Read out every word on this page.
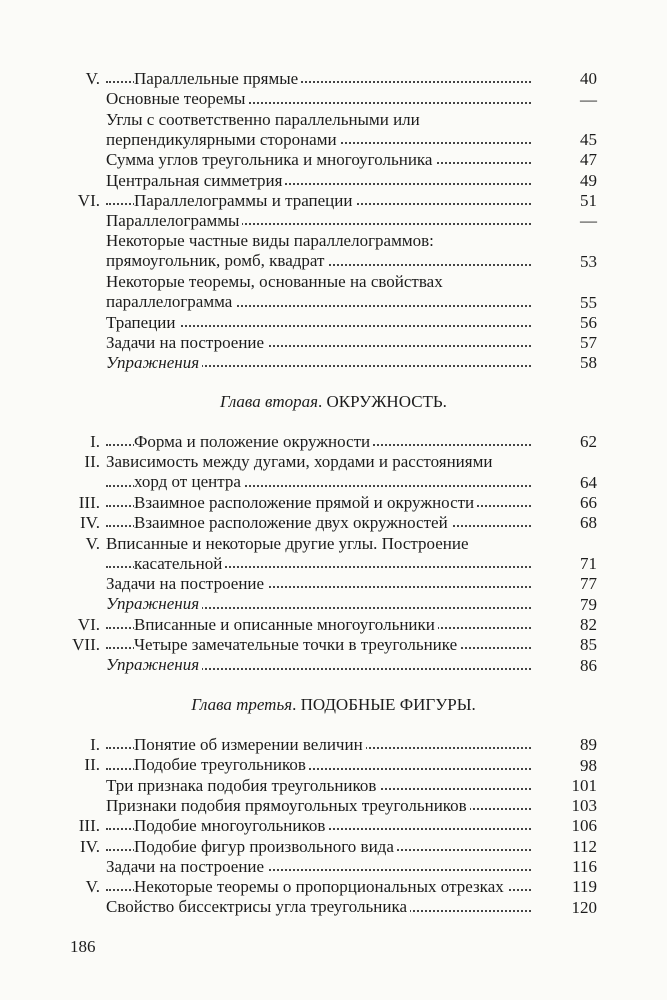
V.	Параллельные прямые	40
Основные теоремы	—
Углы с соответственно параллельными или
перпендикулярными сторонами	45
Сумма углов треугольника и многоугольника	47
Центральная симметрия	49
VI.	Параллелограммы и трапеции	51
Параллелограммы	—
Некоторые частные виды параллелограммов:
прямоугольник, ромб, квадрат	53
Некоторые теоремы, основанные на свойствах
параллелограмма	55
Трапеции	56
Задачи на построение	57
Упражнения	58
I.	Форма и положение окружности	62
II. Зависимость между дугами, хордами и расстояниями
хорд от центра	64
III.	Взаимное расположение прямой и окружности	66
IV.	Взаимное расположение двух окружностей	68
V. Вписанные и некоторые другие углы. Построение
касательной	71
Задачи на построение	77
Упражнения	79
VI.	Вписанные и описанные многоугольники	82
VII.	Четыре замечательные точки в треугольнике	85
Упражнения	86
I.	Понятие об измерении величин	89
II.	Подобие треугольников	98
Три признака подобия треугольников	101
Признаки подобия прямоугольных треугольников	103
III.	Подобие многоугольников	106
IV.	Подобие фигур произвольного вида	112
Задачи на построение	116
V.	Некоторые теоремы о пропорциональных отрезках	119
Свойство биссектрисы угла треугольника	120
Глава вторая. ОКРУЖНОСТЬ.
Глава третья. ПОДОБНЫЕ ФИГУРЫ.
186
